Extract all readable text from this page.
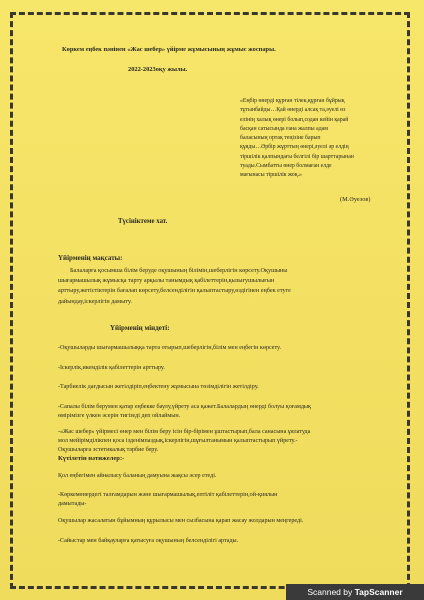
Көркем еңбек пәнінен «Жас шебер» үйірме жұмысының жұмыс жоспары.
2022-2023оқу жылы.
«Еңбір өнерді құрған тілек,құрған бұйрық
тұтынбайды…Қай өнерді алсақ та,әуелі өз
елінің халық өнері болып,содан кейін қарай
басқан сатысында ғана жалпы адам
баласының ортақ теңізіне барып
құяды…Әрбір жұрттың өнері,әуелі әр елдің
тіршілік қалпындағы белгілі бір шарттарынан
туады.Сымбатты өнер болмаған елде
мағынасы тіршілік жоқ.»
(М.Әуезов)
Түсініктеме хат.
Үйірменің мақсаты:
Балаларға қосымша білім беруде оқушының білімін,шеберлігін көрсету.Оқушыны
шығармашылық жұмысқа тарту арқылы танымдық қабілеттерін,қызығушылығын
арттыру,жетістіктерін бағалап көрсету,белсенділігін қалыптастыру,өздігінен еңбек етуге
дайындау,іскерлігін дамыту.
Үйірменің міндеті:
-Оқушыларды шығармашылыққа тарта отырып,шеберлігін,білім мен еңбегін көрсету.
-Іскерлік,икемділік қабілеттерін арттыру.
-Тарбиелік дағдысын жетілдіріп,еңбектену жұмысына төзімділігін жетілдіру.
-Сапалы білім берумен қатар еңбекке баулу,үйрету аса қажет.Балалардың өнерді болуы қоғамдық
өмірімізге үлкен әсерін тигізеді деп ойлаймын.
-«Жас шебер» үйірмесі өнер мен білім беру ісін бір-бірімен ұштастырып,бала санасына ұялатуда
мол мейірімділікпен қоса ізденімпаздық,іскерлігін,шұғылтанымын қалыптастырып үйрету.-
Оқушыларға эстетикалық тәрбие беру.
Күтілетін нәтижелер:-
Қол еңбегімен айналысу баланың дамуына жақсы әсер етеді.
-Көркемөнердегі талғамдарын және шығармашылық,ептіліт қабілеттерін,ой-қиялын
дамытады-
Оқушылар жасалатын бұйымның құрылысы мен сызбасына қарап жасау жолдарын меңгереді.
-Сайыстар мен байқауларға қатысуға оқушының белсенділігі артады.
Scanned by TapScanner
